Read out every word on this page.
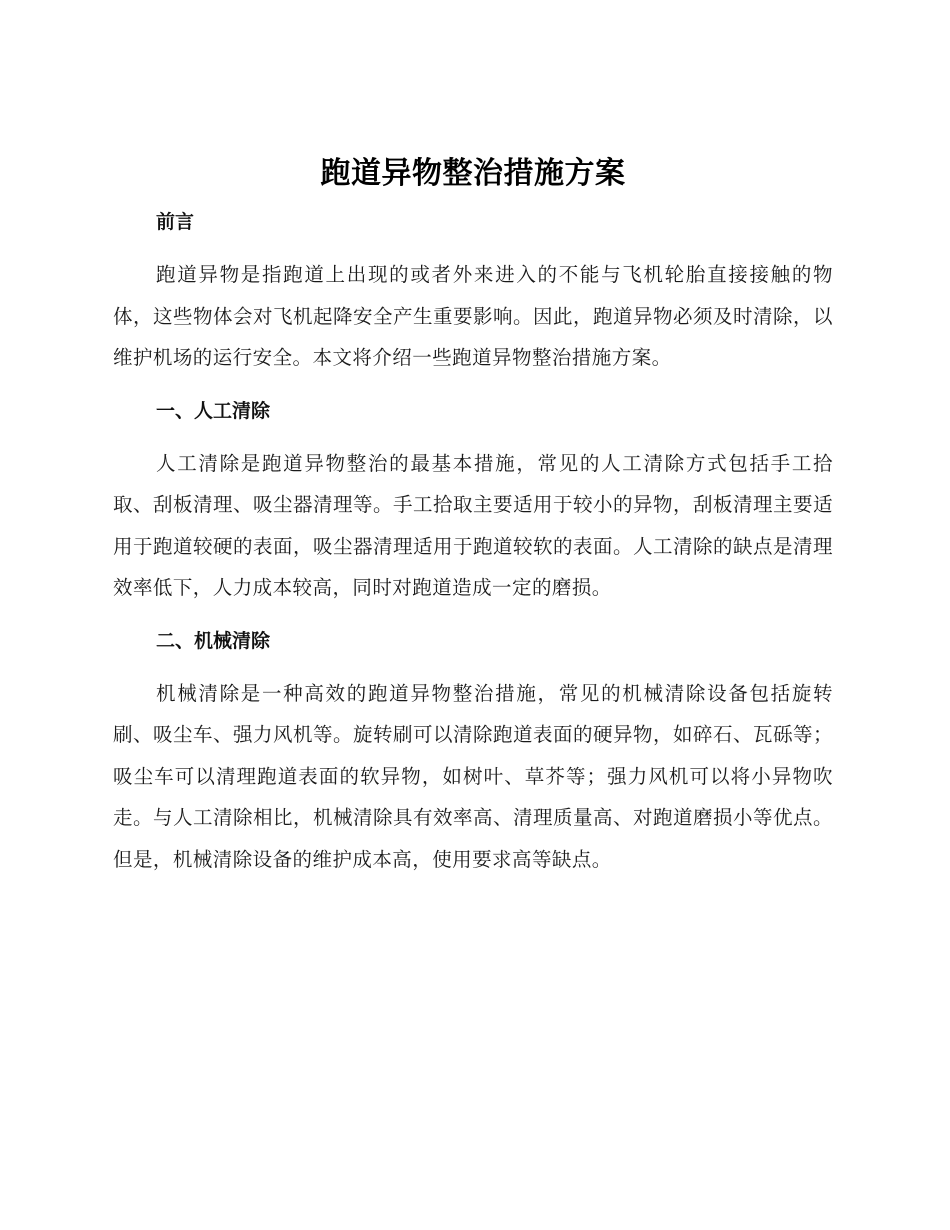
跑道异物整治措施方案
前言

跑道异物是指跑道上出现的或者外来进入的不能与飞机轮胎直接接触的物体，这些物体会对飞机起降安全产生重要影响。因此，跑道异物必须及时清除，以维护机场的运行安全。本文将介绍一些跑道异物整治措施方案。

一、人工清除

人工清除是跑道异物整治的最基本措施，常见的人工清除方式包括手工拾取、刮板清理、吸尘器清理等。手工拾取主要适用于较小的异物，刮板清理主要适用于跑道较硬的表面，吸尘器清理适用于跑道较软的表面。人工清除的缺点是清理效率低下，人力成本较高，同时对跑道造成一定的磨损。

二、机械清除

机械清除是一种高效的跑道异物整治措施，常见的机械清除设备包括旋转刷、吸尘车、强力风机等。旋转刷可以清除跑道表面的硬异物，如碎石、瓦砾等；吸尘车可以清理跑道表面的软异物，如树叶、草芥等；强力风机可以将小异物吹走。与人工清除相比，机械清除具有效率高、清理质量高、对跑道磨损小等优点。但是，机械清除设备的维护成本高，使用要求高等缺点。
